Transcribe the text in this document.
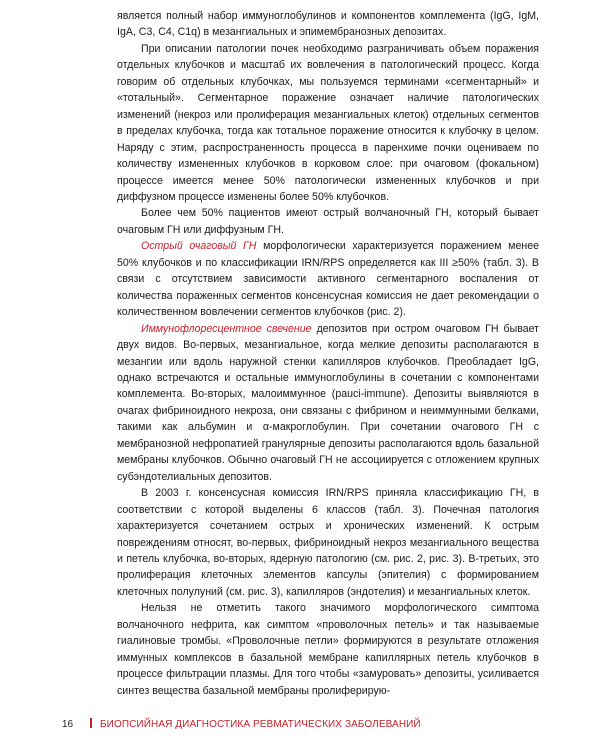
является полный набор иммуноглобулинов и компонентов комплемента (IgG, IgM, IgA, C3, C4, C1q) в мезангиальных и эпимембранозных депозитах.

При описании патологии почек необходимо разграничивать объем поражения отдельных клубочков и масштаб их вовлечения в патологический процесс. Когда говорим об отдельных клубочках, мы пользуемся терминами «сегментарный» и «тотальный». Сегментарное поражение означает наличие патологических изменений (некроз или пролиферация мезангиальных клеток) отдельных сегментов в пределах клубочка, тогда как тотальное поражение относится к клубочку в целом. Наряду с этим, распространенность процесса в паренхиме почки оцениваем по количеству измененных клубочков в корковом слое: при очаговом (фокальном) процессе имеется менее 50% патологически измененных клубочков и при диффузном процессе изменены более 50% клубочков.

Более чем 50% пациентов имеют острый волчаночный ГН, который бывает очаговым ГН или диффузным ГН.

Острый очаговый ГН морфологически характеризуется поражением менее 50% клубочков и по классификации IRN/RPS определяется как III ≥50% (табл. 3). В связи с отсутствием зависимости активного сегментарного воспаления от количества пораженных сегментов консенсусная комиссия не дает рекомендации о количественном вовлечении сегментов клубочков (рис. 2).

Иммунофлоресцентное свечение депозитов при остром очаговом ГН бывает двух видов. Во-первых, мезангиальное, когда мелкие депозиты располагаются в мезангии или вдоль наружной стенки капилляров клубочков. Преобладает IgG, однако встречаются и остальные иммуноглобулины в сочетании с компонентами комплемента. Во-вторых, малоиммунное (pauci-immune). Депозиты выявляются в очагах фибриноидного некроза, они связаны с фибрином и неиммунными белками, такими как альбумин и α-макроглобулин. При сочетании очагового ГН с мембранозной нефропатией гранулярные депозиты располагаются вдоль базальной мембраны клубочков. Обычно очаговый ГН не ассоциируется с отложением крупных субэндотелиальных депозитов.

В 2003 г. консенсусная комиссия IRN/RPS приняла классификацию ГН, в соответствии с которой выделены 6 классов (табл. 3). Почечная патология характеризуется сочетанием острых и хронических изменений. К острым повреждениям относят, во-первых, фибриноидный некроз мезангиального вещества и петель клубочка, во-вторых, ядерную патологию (см. рис. 2, рис. 3). В-третьих, это пролиферация клеточных элементов капсулы (эпителия) с формированием клеточных полулуний (см. рис. 3), капилляров (эндотелия) и мезангиальных клеток.

Нельзя не отметить такого значимого морфологического симптома волчаночного нефрита, как симптом «проволочных петель» и так называемые гиалиновые тромбы. «Проволочные петли» формируются в результате отложения иммунных комплексов в базальной мембране капиллярных петель клубочков в процессе фильтрации плазмы. Для того чтобы «замуровать» депозиты, усиливается синтез вещества базальной мембраны пролиферирую-

16	БИОПСИЙНАЯ ДИАГНОСТИКА РЕВМАТИЧЕСКИХ ЗАБОЛЕВАНИЙ
